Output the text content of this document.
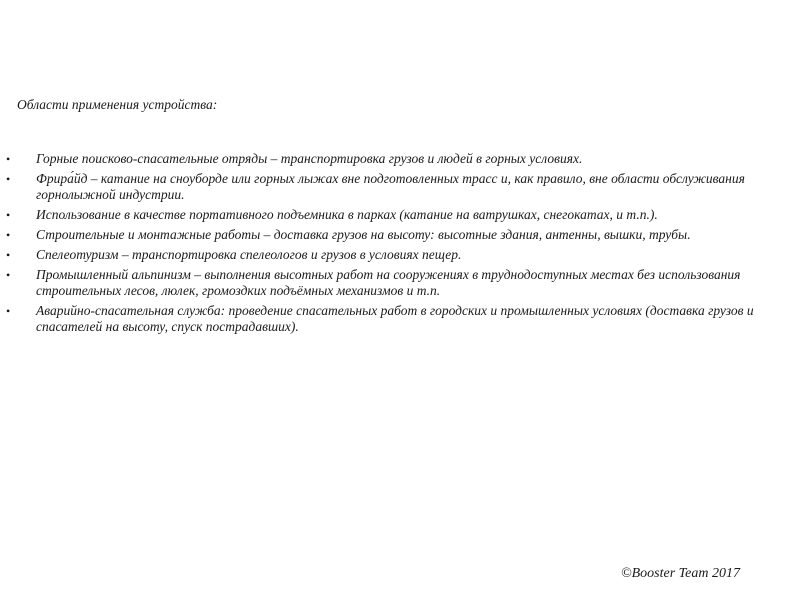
Области применения устройства:

• Горные поисково-спасательные отряды – транспортировка грузов и людей в горных условиях.
• Фрира́йд – катание на сноуборде или горных лыжах вне подготовленных трасс и, как правило, вне области обслуживания горнолыжной индустрии.
• Использование в качестве портативного подъемника в парках (катание на ватрушках, снегокатах, и т.п.).
• Строительные и монтажные работы – доставка грузов на высоту: высотные здания, антенны, вышки, трубы.
• Спелеотуризм – транспортировка спелеологов и грузов в условиях пещер.
• Промышленный альпинизм – выполнения высотных работ на сооружениях в труднодоступных местах без использования строительных лесов, люлек, громоздких подъёмных механизмов и т.п.
• Аварийно-спасательная служба: проведение спасательных работ в городских и промышленных условиях (доставка грузов и спасателей на высоту, спуск пострадавших).
©Booster Team 2017
